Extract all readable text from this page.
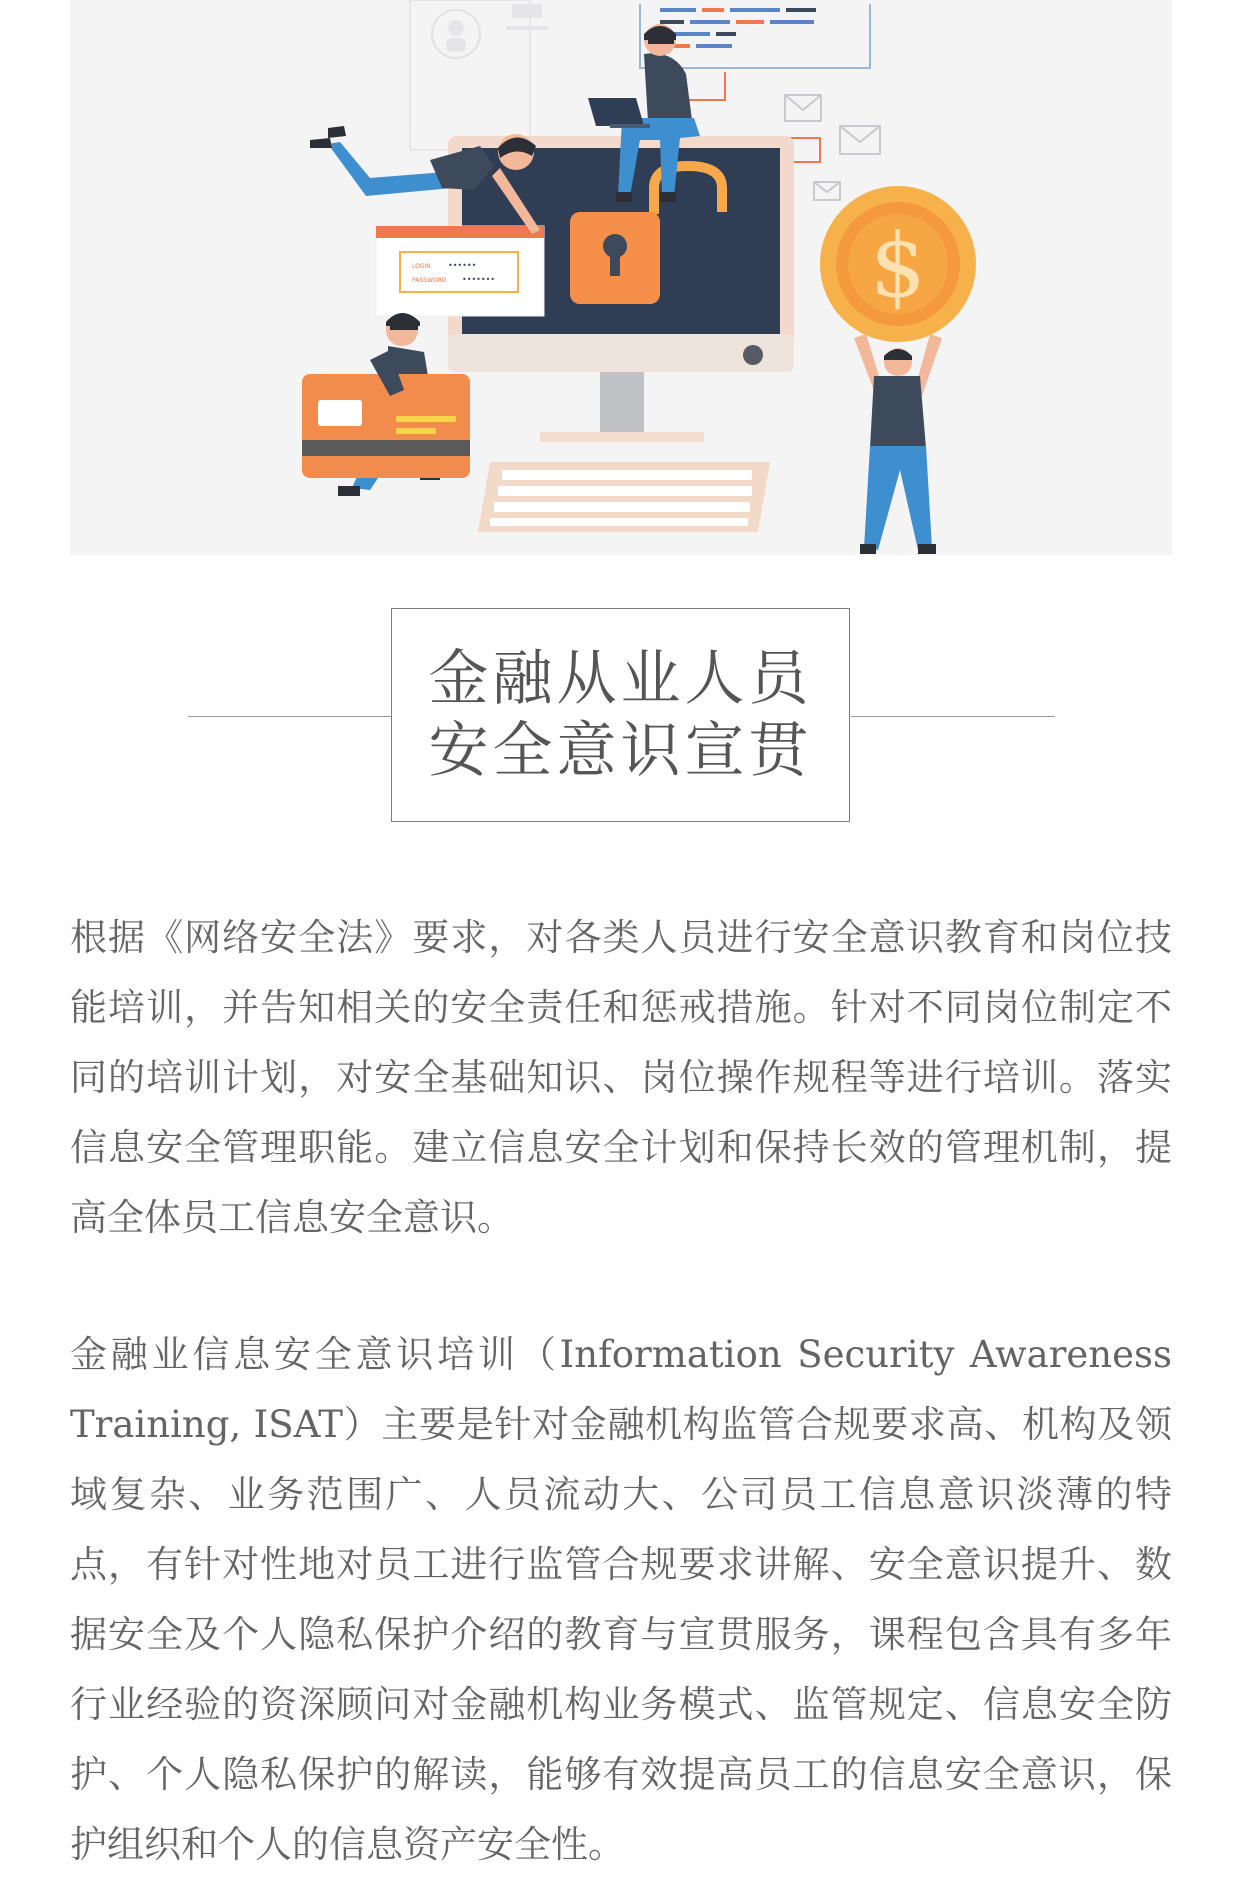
LOGIN ••••••
PASSWORD •••••••	$
金融从业人员
安全意识宣贯

根据《网络安全法》要求，对各类人员进行安全意识教育和岗位技能培训，并告知相关的安全责任和惩戒措施。针对不同岗位制定不同的培训计划，对安全基础知识、岗位操作规程等进行培训。落实信息安全管理职能。建立信息安全计划和保持长效的管理机制，提高全体员工信息安全意识。

金融业信息安全意识培训（Information Security Awareness Training, ISAT）主要是针对金融机构监管合规要求高、机构及领域复杂、业务范围广、人员流动大、公司员工信息意识淡薄的特点，有针对性地对员工进行监管合规要求讲解、安全意识提升、数据安全及个人隐私保护介绍的教育与宣贯服务，课程包含具有多年行业经验的资深顾问对金融机构业务模式、监管规定、信息安全防护、个人隐私保护的解读，能够有效提高员工的信息安全意识，保护组织和个人的信息资产安全性。
